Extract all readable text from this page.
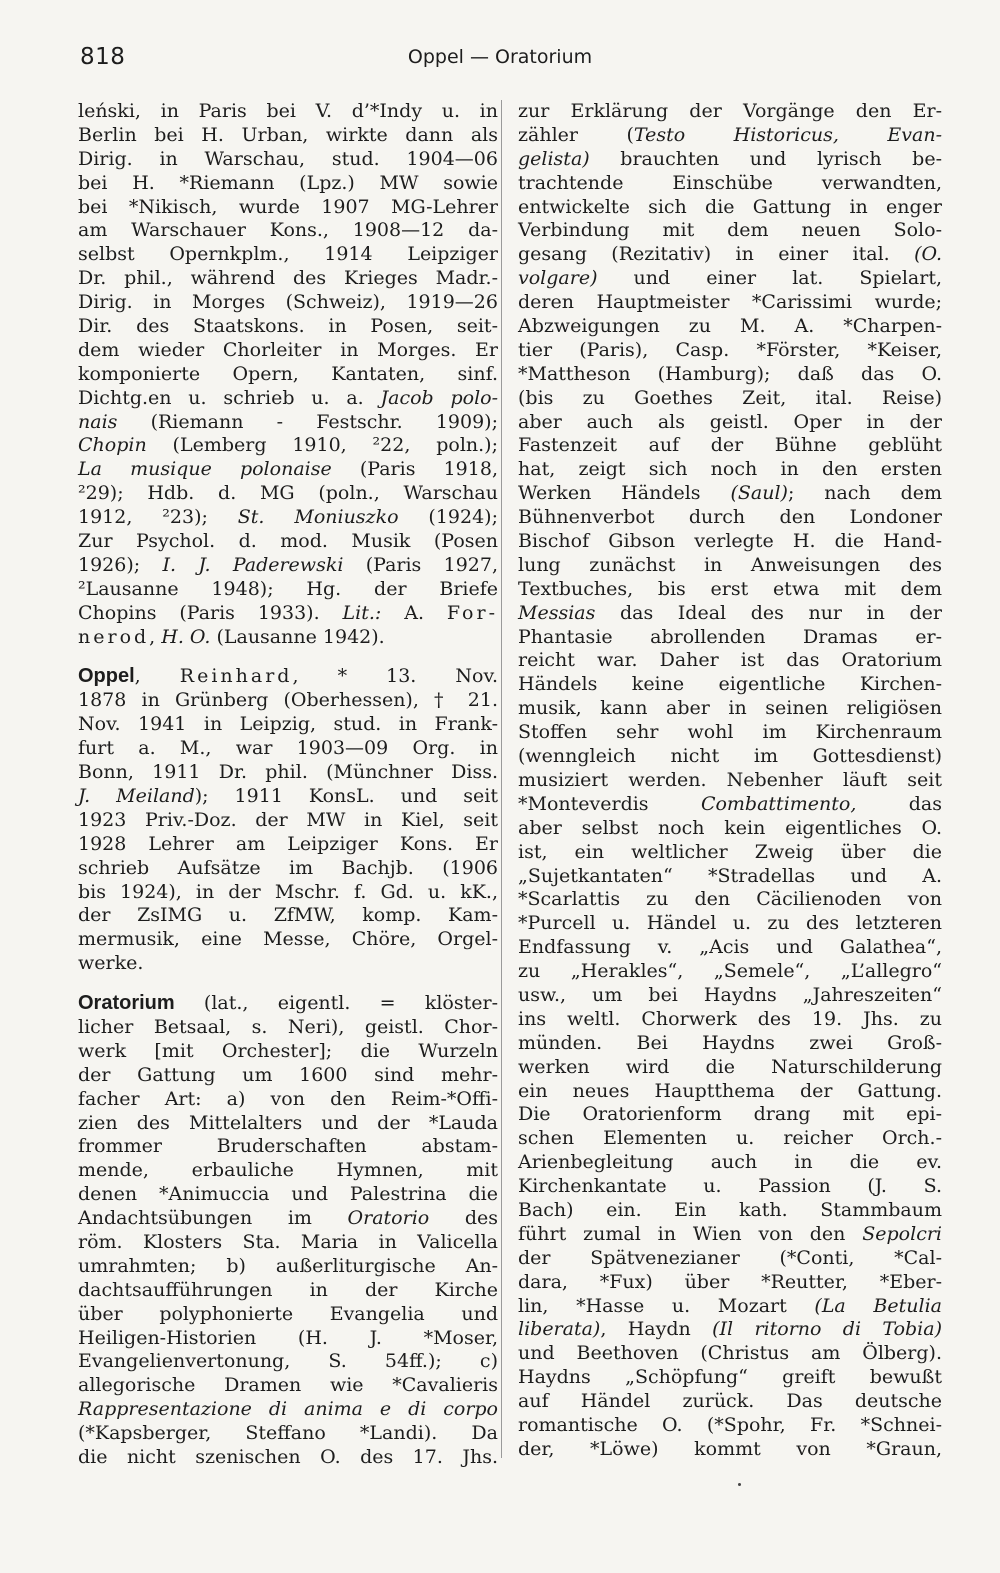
818	Oppel — Oratorium
leński, in Paris bei V. d’*Indy u. in
Berlin bei H. Urban, wirkte dann als
Dirig. in Warschau, stud. 1904—06
bei H. *Riemann (Lpz.) MW sowie
bei *Nikisch, wurde 1907 MG-Lehrer
am Warschauer Kons., 1908—12 da-
selbst Opernkplm., 1914 Leipziger
Dr. phil., während des Krieges Madr.-
Dirig. in Morges (Schweiz), 1919—26
Dir. des Staatskons. in Posen, seit-
dem wieder Chorleiter in Morges. Er
komponierte Opern, Kantaten, sinf.
Dichtg.en u. schrieb u. a. Jacob polo-
nais (Riemann - Festschr. 1909);
Chopin (Lemberg 1910, ²22, poln.);
La musique polonaise (Paris 1918,
²29); Hdb. d. MG (poln., Warschau
1912, ²23); St. Moniuszko (1924);
Zur Psychol. d. mod. Musik (Posen
1926); I. J. Paderewski (Paris 1927,
²Lausanne 1948); Hg. der Briefe
Chopins (Paris 1933). Lit.: A. For-
nerod, H. O. (Lausanne 1942).
Oppel, Reinhard, * 13. Nov.
1878 in Grünberg (Oberhessen), † 21.
Nov. 1941 in Leipzig, stud. in Frank-
furt a. M., war 1903—09 Org. in
Bonn, 1911 Dr. phil. (Münchner Diss.
J. Meiland); 1911 KonsL. und seit
1923 Priv.-Doz. der MW in Kiel, seit
1928 Lehrer am Leipziger Kons. Er
schrieb Aufsätze im Bachjb. (1906
bis 1924), in der Mschr. f. Gd. u. kK.,
der ZsIMG u. ZfMW, komp. Kam-
mermusik, eine Messe, Chöre, Orgel-
werke.
Oratorium (lat., eigentl. = klöster-
licher Betsaal, s. Neri), geistl. Chor-
werk [mit Orchester]; die Wurzeln
der Gattung um 1600 sind mehr-
facher Art: a) von den Reim-*Offi-
zien des Mittelalters und der *Lauda
frommer Bruderschaften abstam-
mende, erbauliche Hymnen, mit
denen *Animuccia und Palestrina die
Andachtsübungen im Oratorio des
röm. Klosters Sta. Maria in Valicella
umrahmten; b) außerliturgische An-
dachtsaufführungen in der Kirche
über polyphonierte Evangelia und
Heiligen-Historien (H. J. *Moser,
Evangelienvertonung, S. 54ff.); c)
allegorische Dramen wie *Cavalieris
Rappresentazione di anima e di corpo
(*Kapsberger, Steffano *Landi). Da
die nicht szenischen O. des 17. Jhs.
zur Erklärung der Vorgänge den Er-
zähler (Testo Historicus, Evan-
gelista) brauchten und lyrisch be-
trachtende Einschübe verwandten,
entwickelte sich die Gattung in enger
Verbindung mit dem neuen Solo-
gesang (Rezitativ) in einer ital. (O.
volgare) und einer lat. Spielart,
deren Hauptmeister *Carissimi wurde;
Abzweigungen zu M. A. *Charpen-
tier (Paris), Casp. *Förster, *Keiser,
*Mattheson (Hamburg); daß das O.
(bis zu Goethes Zeit, ital. Reise)
aber auch als geistl. Oper in der
Fastenzeit auf der Bühne geblüht
hat, zeigt sich noch in den ersten
Werken Händels (Saul); nach dem
Bühnenverbot durch den Londoner
Bischof Gibson verlegte H. die Hand-
lung zunächst in Anweisungen des
Textbuches, bis erst etwa mit dem
Messias das Ideal des nur in der
Phantasie abrollenden Dramas er-
reicht war. Daher ist das Oratorium
Händels keine eigentliche Kirchen-
musik, kann aber in seinen religiösen
Stoffen sehr wohl im Kirchenraum
(wenngleich nicht im Gottesdienst)
musiziert werden. Nebenher läuft seit
*Monteverdis Combattimento, das
aber selbst noch kein eigentliches O.
ist, ein weltlicher Zweig über die
„Sujetkantaten“ *Stradellas und A.
*Scarlattis zu den Cäcilienoden von
*Purcell u. Händel u. zu des letzteren
Endfassung v. „Acis und Galathea“,
zu „Herakles“, „Semele“, „L’allegro“
usw., um bei Haydns „Jahreszeiten“
ins weltl. Chorwerk des 19. Jhs. zu
münden. Bei Haydns zwei Groß-
werken wird die Naturschilderung
ein neues Hauptthema der Gattung.
Die Oratorienform drang mit epi-
schen Elementen u. reicher Orch.-
Arienbegleitung auch in die ev.
Kirchenkantate u. Passion (J. S.
Bach) ein. Ein kath. Stammbaum
führt zumal in Wien von den Sepolcri
der Spätvenezianer (*Conti, *Cal-
dara, *Fux) über *Reutter, *Eber-
lin, *Hasse u. Mozart (La Betulia
liberata), Haydn (Il ritorno di Tobia)
und Beethoven (Christus am Ölberg).
Haydns „Schöpfung“ greift bewußt
auf Händel zurück. Das deutsche
romantische O. (*Spohr, Fr. *Schnei-
der, *Löwe) kommt von *Graun,
